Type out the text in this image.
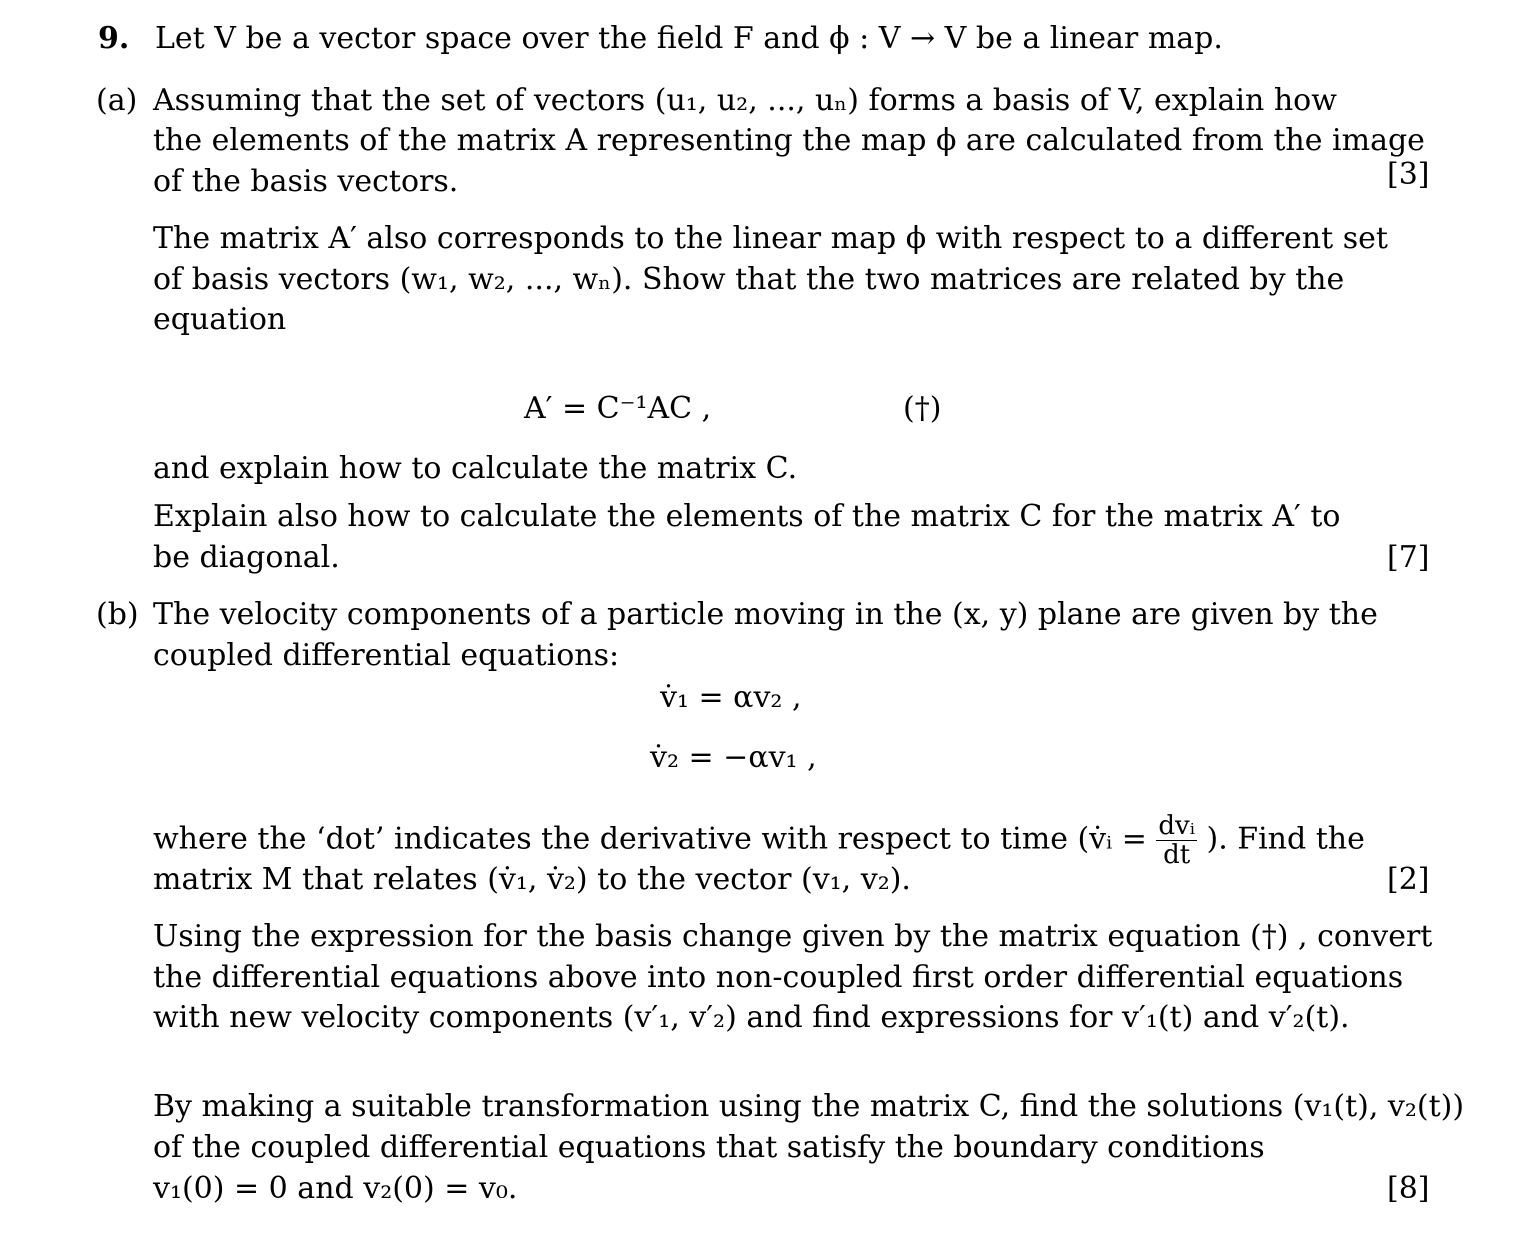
9. Let V be a vector space over the field F and ϕ : V → V be a linear map.
(a) Assuming that the set of vectors (u₁, u₂, ..., uₙ) forms a basis of V, explain how
the elements of the matrix A representing the map ϕ are calculated from the image
of the basis vectors.	[3]
The matrix A′ also corresponds to the linear map ϕ with respect to a different set
of basis vectors (w₁, w₂, ..., wₙ). Show that the two matrices are related by the
equation
A′ = C⁻¹AC ,	(†)
and explain how to calculate the matrix C.
Explain also how to calculate the elements of the matrix C for the matrix A′ to
be diagonal.	[7]
(b) The velocity components of a particle moving in the (x, y) plane are given by the
coupled differential equations:
v̇₁ = αv₂ ,
v̇₂ = −αv₁ ,
where the ‘dot’ indicates the derivative with respect to time (v̇ᵢ = $\frac{\text{dvᵢ}}{dt}$ ). Find the
matrix M that relates (v̇₁, v̇₂) to the vector (v₁, v₂).	[2]
Using the expression for the basis change given by the matrix equation (†) , convert
the differential equations above into non-coupled first order differential equations
with new velocity components (v′₁, v′₂) and find expressions for v′₁(t) and v′₂(t).
By making a suitable transformation using the matrix C, find the solutions (v₁(t), v₂(t))
of the coupled differential equations that satisfy the boundary conditions
v₁(0) = 0 and v₂(0) = v₀.	[8]
